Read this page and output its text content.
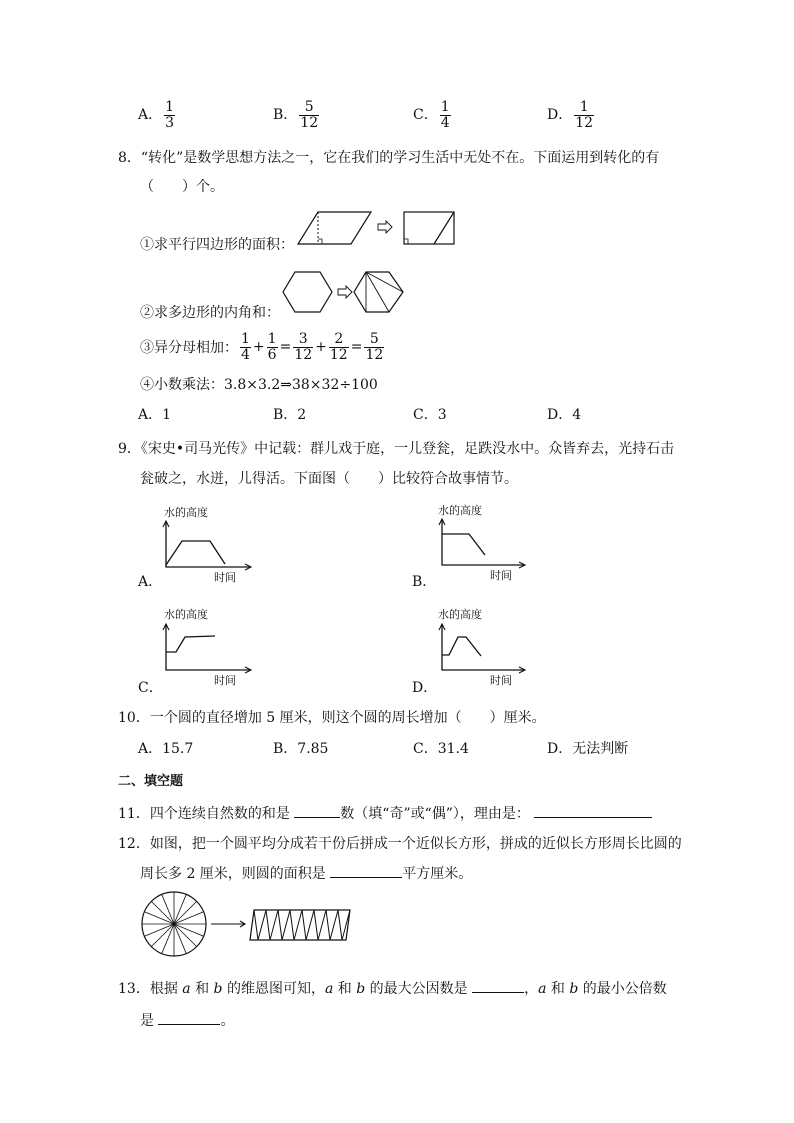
A． $\frac{1}{3}$	B． $\frac{5}{12}$	C． $\frac{1}{4}$	D． $\frac{1}{12}$
8．“转化”是数学思想方法之一，它在我们的学习生活中无处不在。下面运用到转化的有
（　　）个。
①求平行四边形的面积：
②求多边形的内角和：
③异分母相加： $\frac{1}{4} + \frac{1}{6} = \frac{3}{12} + \frac{2}{12} = \frac{5}{12}$
④小数乘法：3.8×3.2⇒38×32÷100
A．1	B．2	C．3	D．4
9．《宋史•司马光传》中记载：群儿戏于庭，一儿登瓮，足跌没水中。众皆弃去，光持石击
瓮破之，水迸，儿得活。下面图（　　）比较符合故事情节。
水的高度
时间
A．
水的高度
时间
B．
水的高度
时间
C．
水的高度
时间
D．
10．一个圆的直径增加 5 厘米，则这个圆的周长增加（　　）厘米。
A．15.7	B．7.85	C．31.4	D．无法判断
二、填空题
11．四个连续自然数的和是	数（填“奇”或“偶”），理由是：
12．如图，把一个圆平均分成若干份后拼成一个近似长方形，拼成的近似长方形周长比圆的
周长多 2 厘米，则圆的面积是	平方厘米。
13．根据 a 和 b 的维恩图可知，a 和 b 的最大公因数是	，a 和 b 的最小公倍数
是	。
